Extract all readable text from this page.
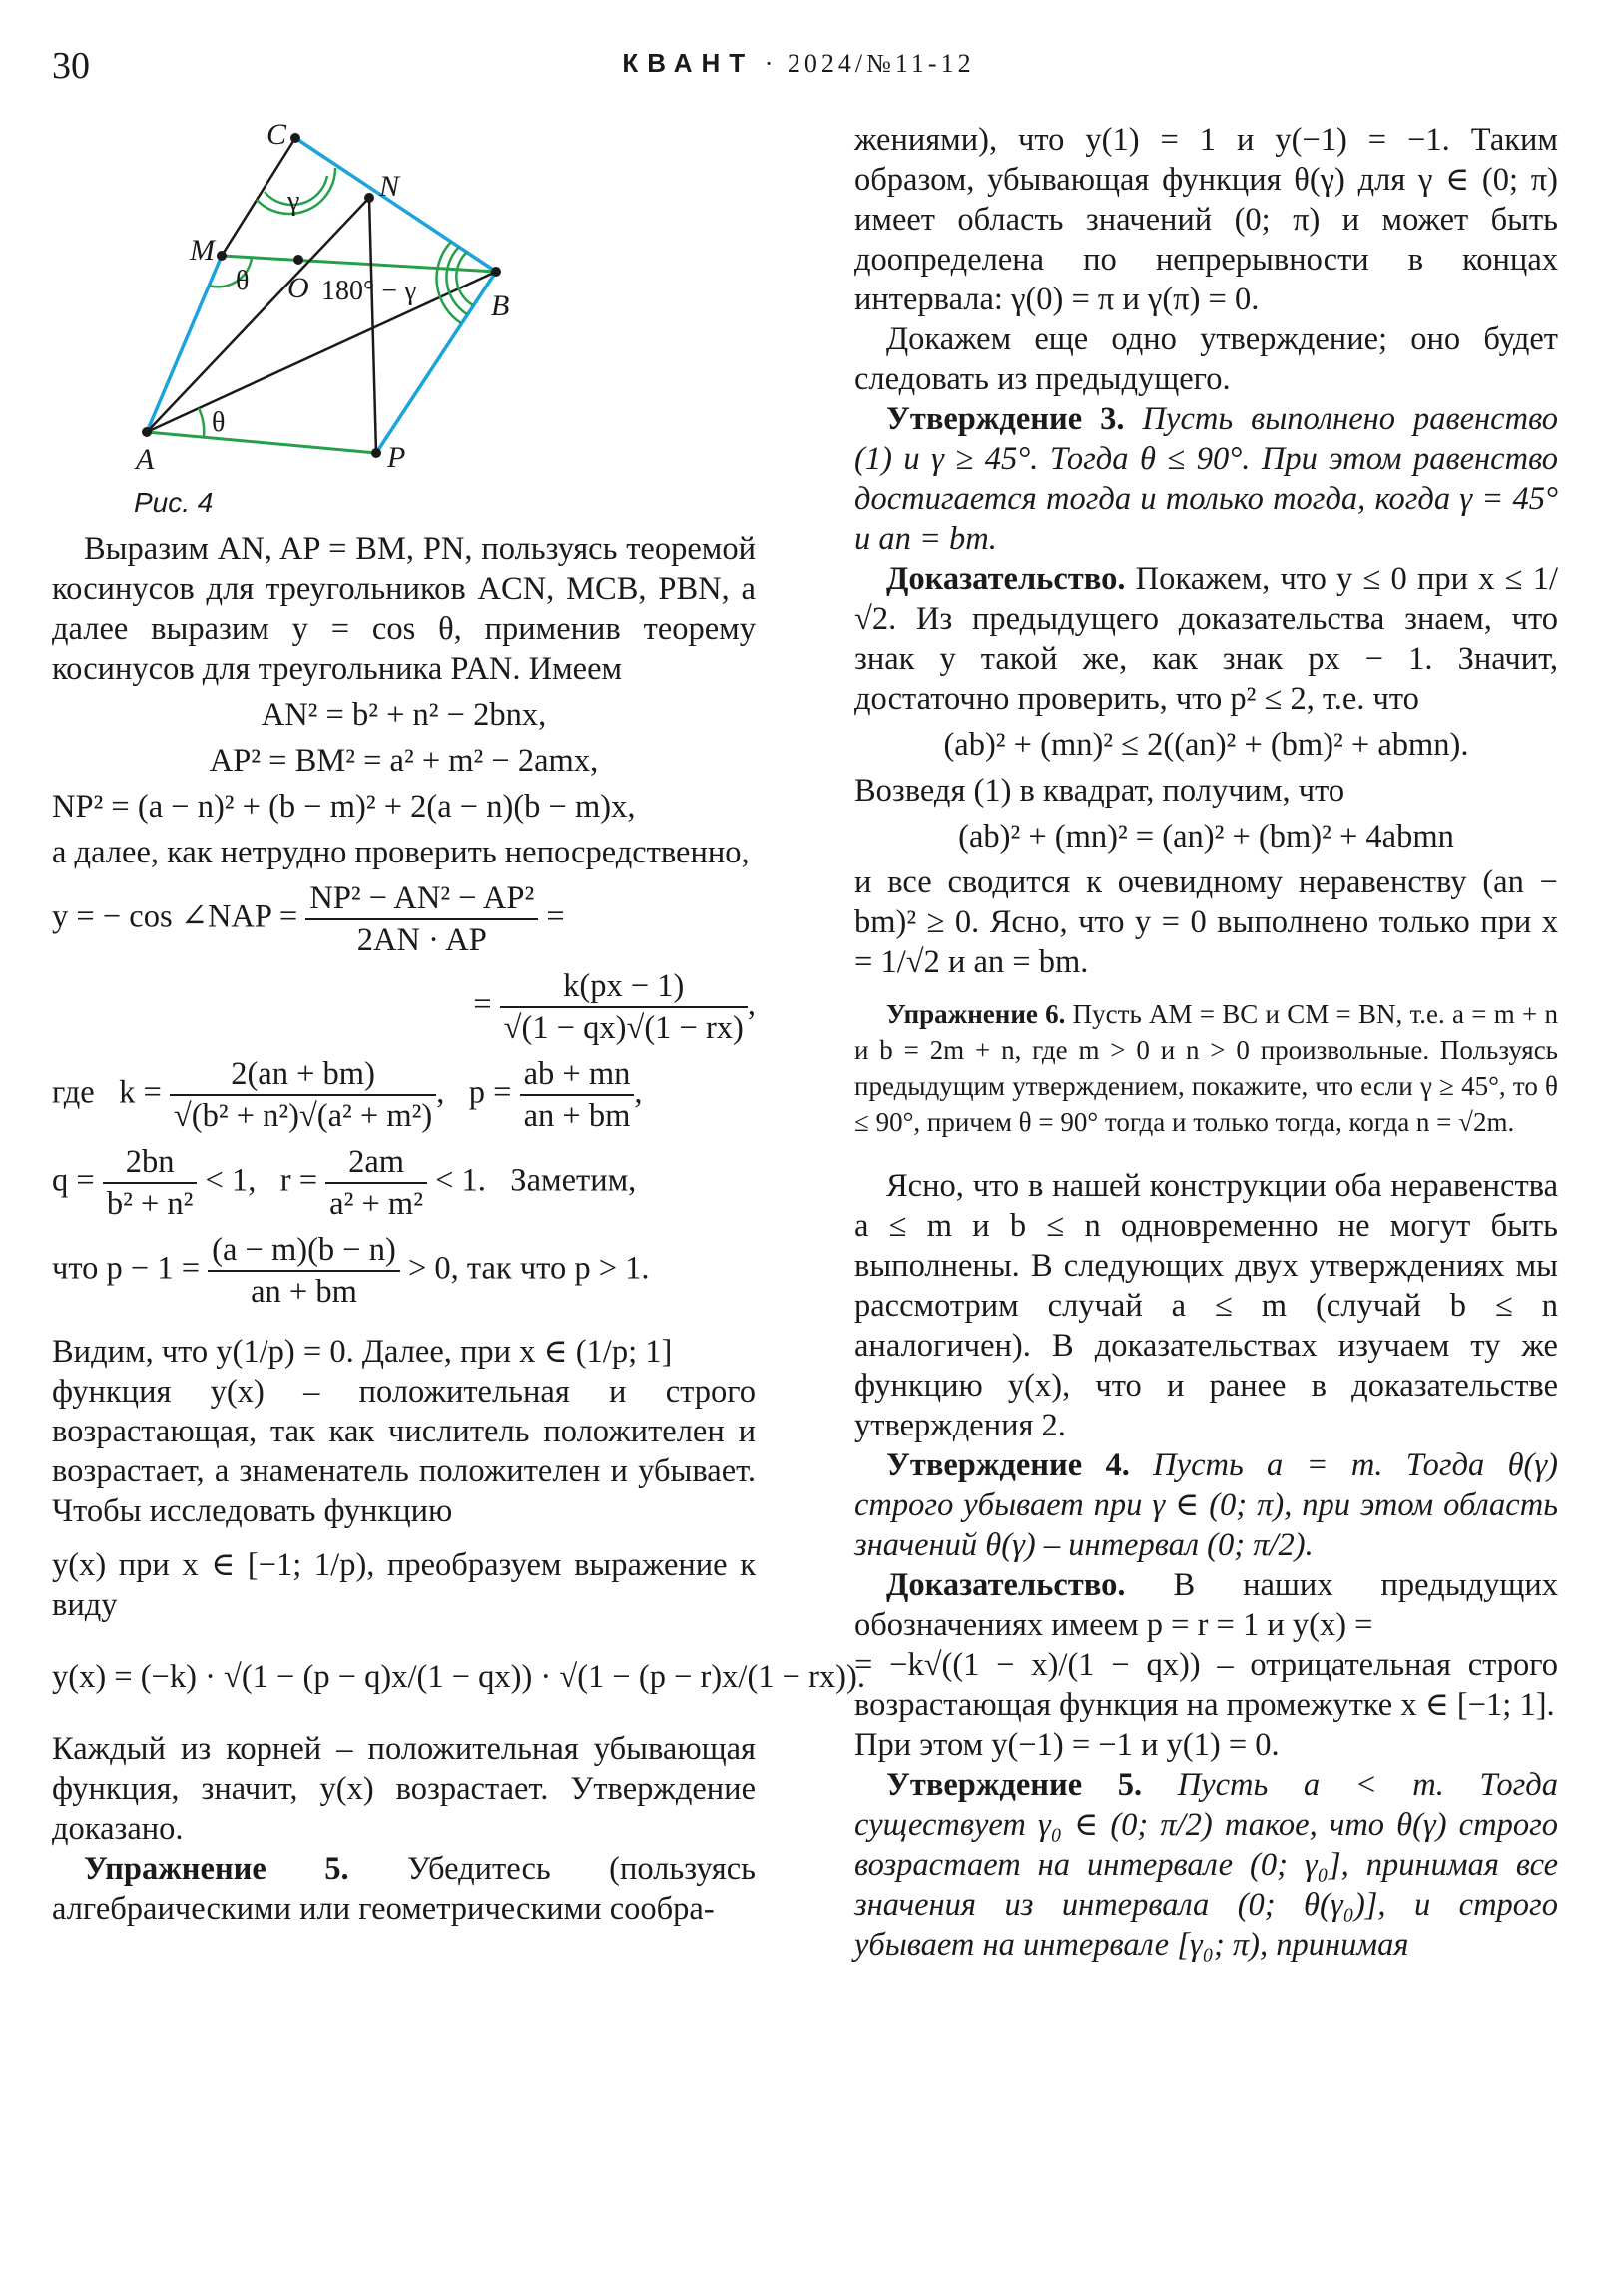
30	КВАНТ · 2024/№11-12
C
N
M
O
B
A	P
γ
θ
θ
180° − γ
Рис. 4

Выразим AN, AP = BM, PN, пользуясь теоремой косинусов для треугольников ACN, MCB, PBN, а далее выразим y = cos θ, применив теорему косинусов для треугольника PAN. Имеем

AN² = b² + n² − 2bnx,
AP² = BM² = a² + m² − 2amx,
NP² = (a − n)² + (b − m)² + 2(a − n)(b − m)x,

а далее, как нетрудно проверить непосредственно,

y = − cos ∠NAP = $\frac{\text{NP² − AN² − AP²}}{2AN \cdot AP}$ =
= $\frac{k(px - 1)}{√(1 - qx)√(1 - rx)}$ ,
где $k = \frac{2(an + bm)}{\text{√(b² + n²)√(a² + m²)}}$ ,   $p = \frac{ab + mn}{an + bm}$ ,
$q = \frac{2bn}{\text{b² + n²}} < 1$, $r = \frac{2am}{\text{a² + m²}} < 1$. Заметим,
что $p - 1 = \frac{(a - m)(b - n)}{an + bm} > 0$, так что p > 1.

Видим, что y(1/p) = 0. Далее, при x ∈ (1/p; 1]

функция y(x) – положительная и строго возрастающая, так как числитель положителен и возрастает, а знаменатель положителен и убывает. Чтобы исследовать функцию

y(x) при x ∈ [−1; 1/p), преобразуем выражение к виду

y(x) = (−k) · √(1 − (p − q)x/(1 − qx)) · √(1 − (p − r)x/(1 − rx)).

Каждый из корней – положительная убывающая функция, значит, y(x) возрастает. Утверждение доказано.

Упражнение 5. Убедитесь (пользуясь алгебраическими или геометрическими сообра-

жениями), что y(1) = 1 и y(−1) = −1. Таким образом, убывающая функция θ(γ) для γ ∈ (0; π) имеет область значений (0; π) и может быть доопределена по непрерывности в концах интервала: γ(0) = π и γ(π) = 0.

Докажем еще одно утверждение; оно будет следовать из предыдущего.

Утверждение 3. Пусть выполнено равенство (1) и γ ≥ 45°. Тогда θ ≤ 90°. При этом равенство достигается тогда и только тогда, когда γ = 45° и an = bm.

Доказательство. Покажем, что y ≤ 0 при x ≤ 1/√2. Из предыдущего доказательства знаем, что знак y такой же, как знак px − 1. Значит, достаточно проверить, что p² ≤ 2, т.е. что

(ab)² + (mn)² ≤ 2((an)² + (bm)² + abmn).

Возведя (1) в квадрат, получим, что

(ab)² + (mn)² = (an)² + (bm)² + 4abmn

и все сводится к очевидному неравенству (an − bm)² ≥ 0. Ясно, что y = 0 выполнено только при x = 1/√2 и an = bm.

Упражнение 6. Пусть AM = BC и CM = BN, т.е. a = m + n и b = 2m + n, где m > 0 и n > 0 произвольные. Пользуясь предыдущим утверждением, покажите, что если γ ≥ 45°, то θ ≤ 90°, причем θ = 90° тогда и только тогда, когда n = √2m.

Ясно, что в нашей конструкции оба неравенства a ≤ m и b ≤ n одновременно не могут быть выполнены. В следующих двух утверждениях мы рассмотрим случай a ≤ m (случай b ≤ n аналогичен). В доказательствах изучаем ту же функцию y(x), что и ранее в доказательстве утверждения 2.

Утверждение 4. Пусть a = m. Тогда θ(γ) строго убывает при γ ∈ (0; π), при этом область значений θ(γ) – интервал (0; π/2).

Доказательство. В наших предыдущих обозначениях имеем p = r = 1 и y(x) =

= −k√((1 − x)/(1 − qx)) – отрицательная строго возрастающая функция на промежутке x ∈ [−1; 1].

При этом y(−1) = −1 и y(1) = 0.

Утверждение 5. Пусть a < m. Тогда существует γ₀ ∈ (0; π/2) такое, что θ(γ) строго возрастает на интервале (0; γ₀], принимая все значения из интервала (0; θ(γ₀)], и строго убывает на интервале [γ₀; π), принимая
